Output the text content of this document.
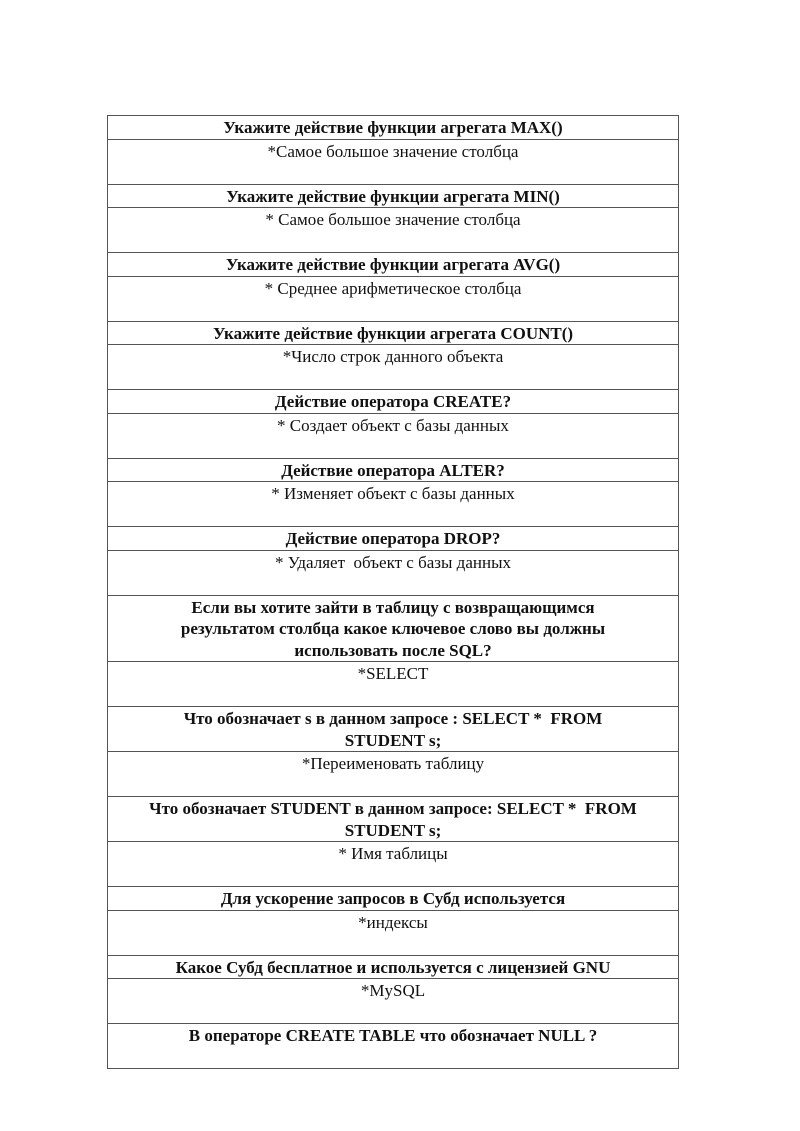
Укажите действие функции агрегата MAX()

*Самое большое значение столбца

Укажите действие функции агрегата MIN()

* Самое большое значение столбца

Укажите действие функции агрегата AVG()

* Среднее арифметическое столбца

Укажите действие функции агрегата COUNT()

*Число строк данного объекта

Действие оператора CREATE?

* Создает объект с базы данных

Действие оператора ALTER?

* Изменяет объект с базы данных

Действие оператора DROP?

* Удаляет  объект с базы данных

Если вы хотите зайти в таблицу с возвращающимся результатом столбца какое ключевое слово вы должны использовать после SQL?

*SELECT

Что обозначает s в данном запросе : SELECT *  FROM STUDENT s;

*Переименовать таблицу

Что обозначает STUDENT в данном запросе: SELECT *  FROM STUDENT s;

* Имя таблицы

Для ускорение запросов в Субд используется

*индексы

Какое Субд бесплатное и используется с лицензией GNU

*MySQL

В операторе CREATE TABLE что обозначает NULL ?
